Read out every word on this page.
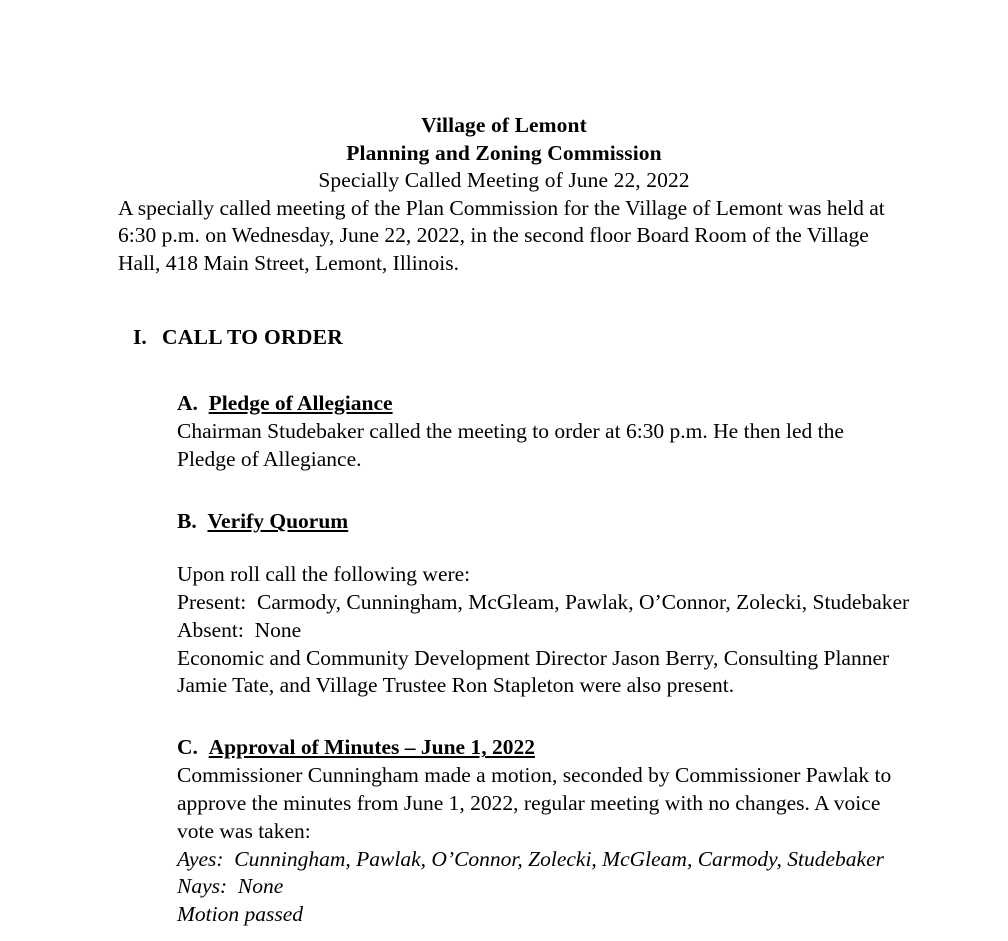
Village of Lemont
Planning and Zoning Commission
Specially Called Meeting of June 22, 2022

A specially called meeting of the Plan Commission for the Village of Lemont was held at 6:30 p.m. on Wednesday, June 22, 2022, in the second floor Board Room of the Village Hall, 418 Main Street, Lemont, Illinois.

I. CALL TO ORDER
A. Pledge of Allegiance

Chairman Studebaker called the meeting to order at 6:30 p.m. He then led the Pledge of Allegiance.

B. Verify Quorum

Upon roll call the following were:

Present: Carmody, Cunningham, McGleam, Pawlak, O’Connor, Zolecki, Studebaker

Absent: None

Economic and Community Development Director Jason Berry, Consulting Planner Jamie Tate, and Village Trustee Ron Stapleton were also present.

C. Approval of Minutes – June 1, 2022

Commissioner Cunningham made a motion, seconded by Commissioner Pawlak to approve the minutes from June 1, 2022, regular meeting with no changes. A voice vote was taken:

Ayes:  Cunningham, Pawlak, O’Connor, Zolecki, McGleam, Carmody, Studebaker

Nays:  None

Motion passed
